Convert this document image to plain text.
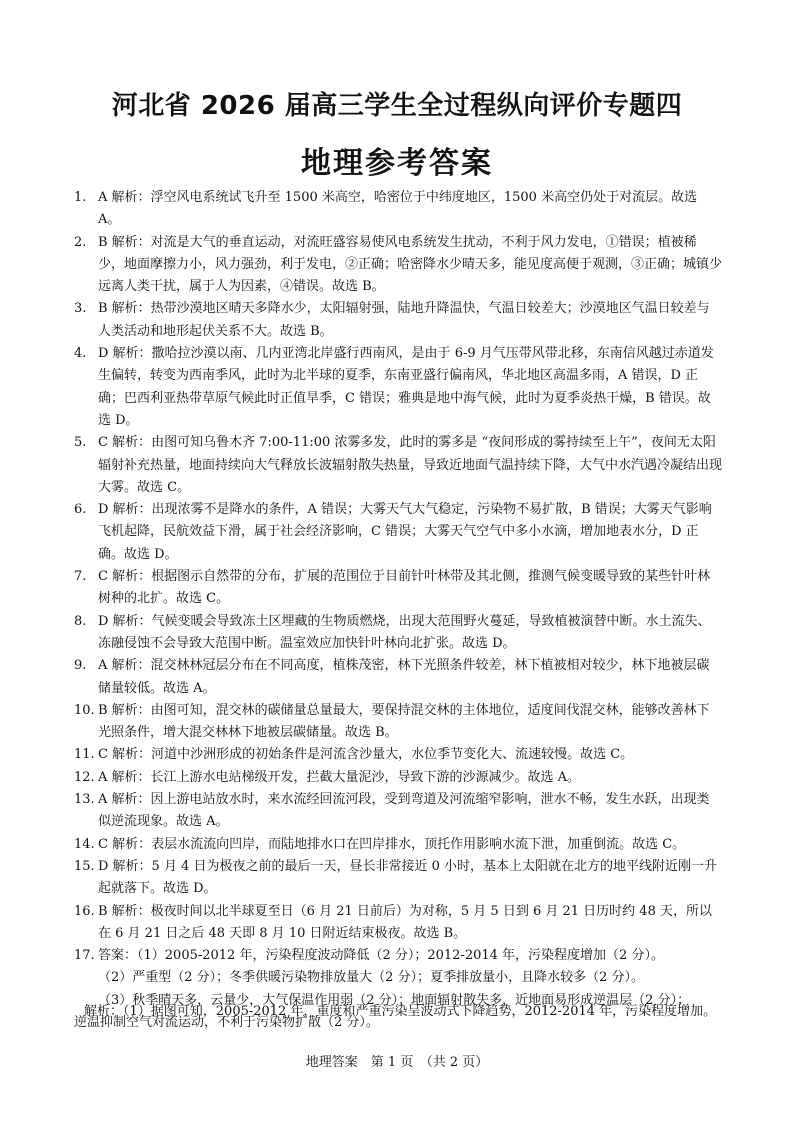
河北省 2026 届高三学生全过程纵向评价专题四
地理参考答案
1. A 解析：浮空风电系统试飞升至 1500 米高空，哈密位于中纬度地区，1500 米高空仍处于对流层。故选 A。
2. B 解析：对流是大气的垂直运动，对流旺盛容易使风电系统发生扰动，不利于风力发电，①错误；植被稀少，地面摩擦力小，风力强劲，利于发电，②正确；哈密降水少晴天多，能见度高便于观测，③正确；城镇少远离人类干扰，属于人为因素，④错误。故选 B。
3. B 解析：热带沙漠地区晴天多降水少，太阳辐射强，陆地升降温快，气温日较差大；沙漠地区气温日较差与人类活动和地形起伏关系不大。故选 B。
4. D 解析：撒哈拉沙漠以南、几内亚湾北岸盛行西南风，是由于 6-9 月气压带风带北移，东南信风越过赤道发生偏转，转变为西南季风，此时为北半球的夏季，东南亚盛行偏南风，华北地区高温多雨，A 错误，D 正确；巴西利亚热带草原气候此时正值旱季，C 错误；雅典是地中海气候，此时为夏季炎热干燥，B 错误。故选 D。
5. C 解析：由图可知乌鲁木齐 7:00-11:00 浓雾多发，此时的雾多是 “夜间形成的雾持续至上午”，夜间无太阳辐射补充热量，地面持续向大气释放长波辐射散失热量，导致近地面气温持续下降，大气中水汽遇冷凝结出现大雾。故选 C。
6. D 解析：出现浓雾不是降水的条件，A 错误；大雾天气大气稳定，污染物不易扩散，B 错误；大雾天气影响飞机起降，民航效益下滑，属于社会经济影响，C 错误；大雾天气空气中多小水滴，增加地表水分，D 正确。故选 D。
7. C 解析：根据图示自然带的分布，扩展的范围位于目前针叶林带及其北侧，推测气候变暖导致的某些针叶林树种的北扩。故选 C。
8. D 解析：气候变暖会导致冻土区埋藏的生物质燃烧，出现大范围野火蔓延，导致植被演替中断。水土流失、冻融侵蚀不会导致大范围中断。温室效应加快针叶林向北扩张。故选 D。
9. A 解析：混交林林冠层分布在不同高度，植株茂密，林下光照条件较差，林下植被相对较少，林下地被层碳储量较低。故选 A。
10. B 解析：由图可知，混交林的碳储量总量最大，要保持混交林的主体地位，适度间伐混交林，能够改善林下光照条件，增大混交林林下地被层碳储量。故选 B。
11. C 解析：河道中沙洲形成的初始条件是河流含沙量大，水位季节变化大、流速较慢。故选 C。
12. A 解析：长江上游水电站梯级开发，拦截大量泥沙，导致下游的沙源减少。故选 A。
13. A 解析：因上游电站放水时，来水流经回流河段，受到弯道及河流缩窄影响，泄水不畅，发生水跃，出现类似逆流现象。故选 A。
14. C 解析：表层水流流向凹岸，而陆地排水口在凹岸排水，顶托作用影响水流下泄，加重倒流。故选 C。
15. D 解析：5 月 4 日为极夜之前的最后一天，昼长非常接近 0 小时，基本上太阳就在北方的地平线附近刚一升起就落下。故选 D。
16. B 解析：极夜时间以北半球夏至日（6 月 21 日前后）为对称，5 月 5 日到 6 月 21 日历时约 48 天，所以在 6 月 21 日之后 48 天即 8 月 10 日附近结束极夜。故选 B。
17. 答案：（1）2005-2012 年，污染程度波动降低（2 分）；2012-2014 年，污染程度增加（2 分）。
（2）严重型（2 分）；冬季供暖污染物排放量大（2 分）；夏季排放量小，且降水较多（2 分）。
（3）秋季晴天多，云量少，大气保温作用弱（2 分）；地面辐射散失多，近地面易形成逆温层（2 分）；
逆温抑制空气对流运动，不利于污染物扩散（2 分）。
解析：（1）据图可知，2005-2012 年，重度和严重污染呈波动式下降趋势，2012-2014 年，污染程度增加。
地理答案　第 1 页　（共 2 页）
